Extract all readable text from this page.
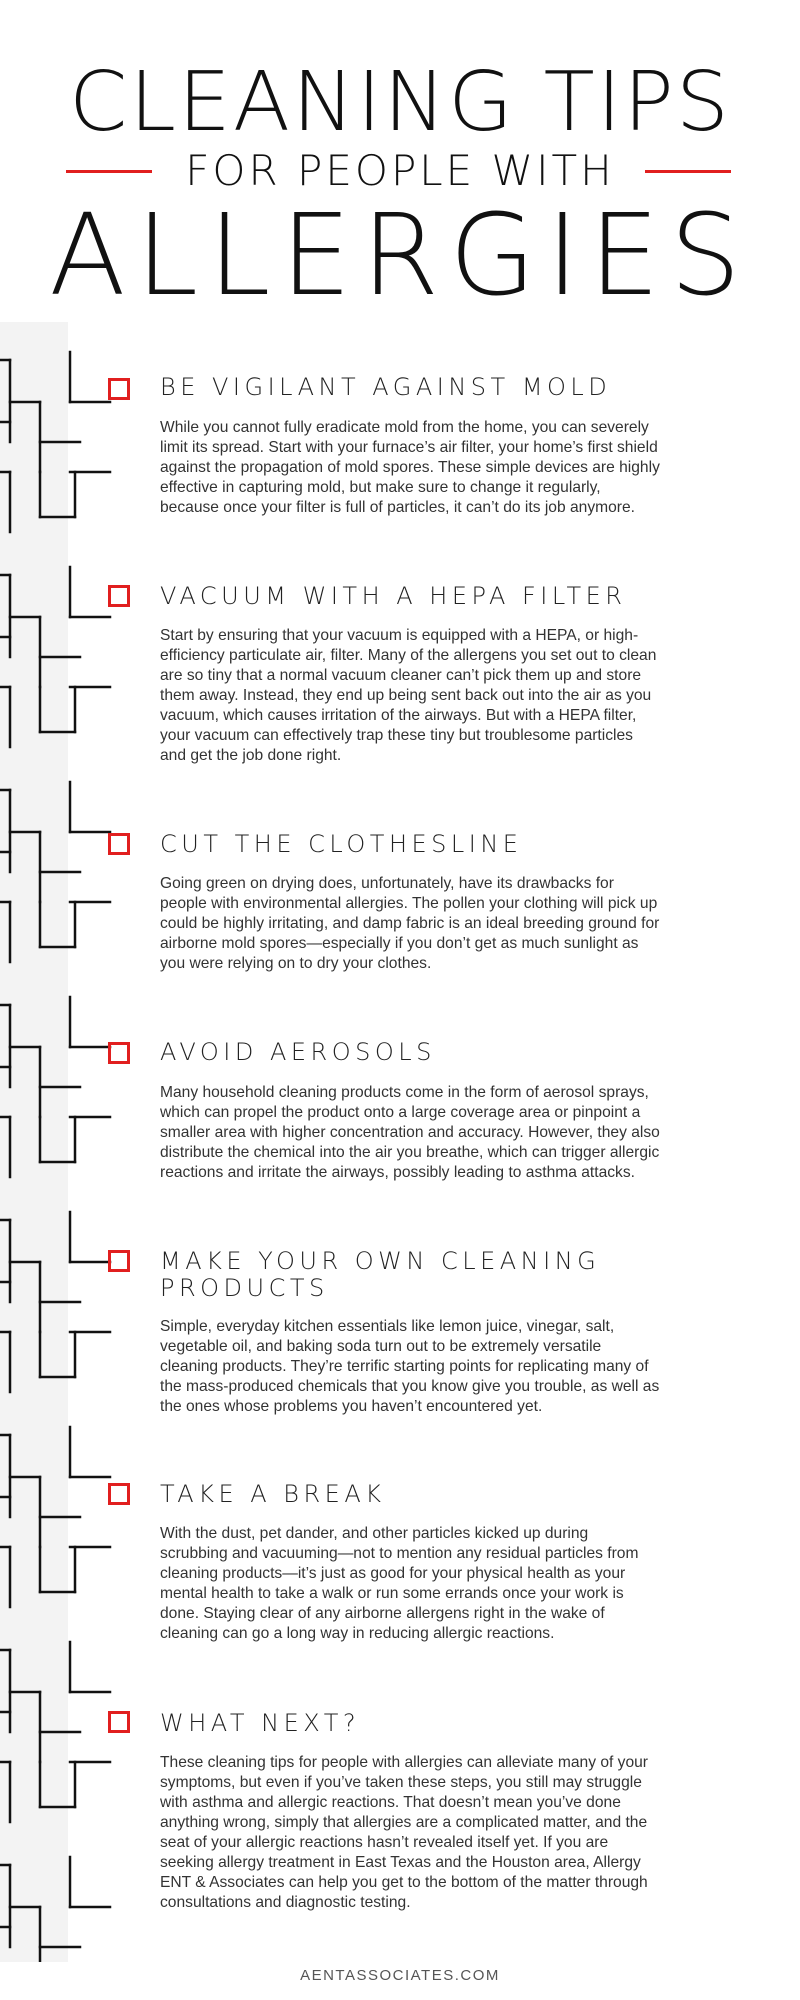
CLEANING TIPS
FOR PEOPLE WITH
ALLERGIES
BE VIGILANT AGAINST MOLD
While you cannot fully eradicate mold from the home, you can severely limit its spread. Start with your furnace’s air filter, your home’s first shield against the propagation of mold spores. These simple devices are highly effective in capturing mold, but make sure to change it regularly, because once your filter is full of particles, it can’t do its job anymore.
VACUUM WITH A HEPA FILTER
Start by ensuring that your vacuum is equipped with a HEPA, or high-efficiency particulate air, filter. Many of the allergens you set out to clean are so tiny that a normal vacuum cleaner can’t pick them up and store them away. Instead, they end up being sent back out into the air as you vacuum, which causes irritation of the airways. But with a HEPA filter, your vacuum can effectively trap these tiny but troublesome particles and get the job done right.
CUT THE CLOTHESLINE
Going green on drying does, unfortunately, have its drawbacks for people with environmental allergies. The pollen your clothing will pick up could be highly irritating, and damp fabric is an ideal breeding ground for airborne mold spores—especially if you don’t get as much sunlight as you were relying on to dry your clothes.
AVOID AEROSOLS
Many household cleaning products come in the form of aerosol sprays, which can propel the product onto a large coverage area or pinpoint a smaller area with higher concentration and accuracy. However, they also distribute the chemical into the air you breathe, which can trigger allergic reactions and irritate the airways, possibly leading to asthma attacks.
MAKE YOUR OWN CLEANING PRODUCTS
Simple, everyday kitchen essentials like lemon juice, vinegar, salt, vegetable oil, and baking soda turn out to be extremely versatile cleaning products. They’re terrific starting points for replicating many of the mass-produced chemicals that you know give you trouble, as well as the ones whose problems you haven’t encountered yet.
TAKE A BREAK
With the dust, pet dander, and other particles kicked up during scrubbing and vacuuming—not to mention any residual particles from cleaning products—it’s just as good for your physical health as your mental health to take a walk or run some errands once your work is done. Staying clear of any airborne allergens right in the wake of cleaning can go a long way in reducing allergic reactions.
WHAT NEXT?
These cleaning tips for people with allergies can alleviate many of your symptoms, but even if you’ve taken these steps, you still may struggle with asthma and allergic reactions. That doesn’t mean you’ve done anything wrong, simply that allergies are a complicated matter, and the seat of your allergic reactions hasn’t revealed itself yet. If you are seeking allergy treatment in East Texas and the Houston area, Allergy ENT & Associates can help you get to the bottom of the matter through consultations and diagnostic testing.
AENTASSOCIATES.COM
